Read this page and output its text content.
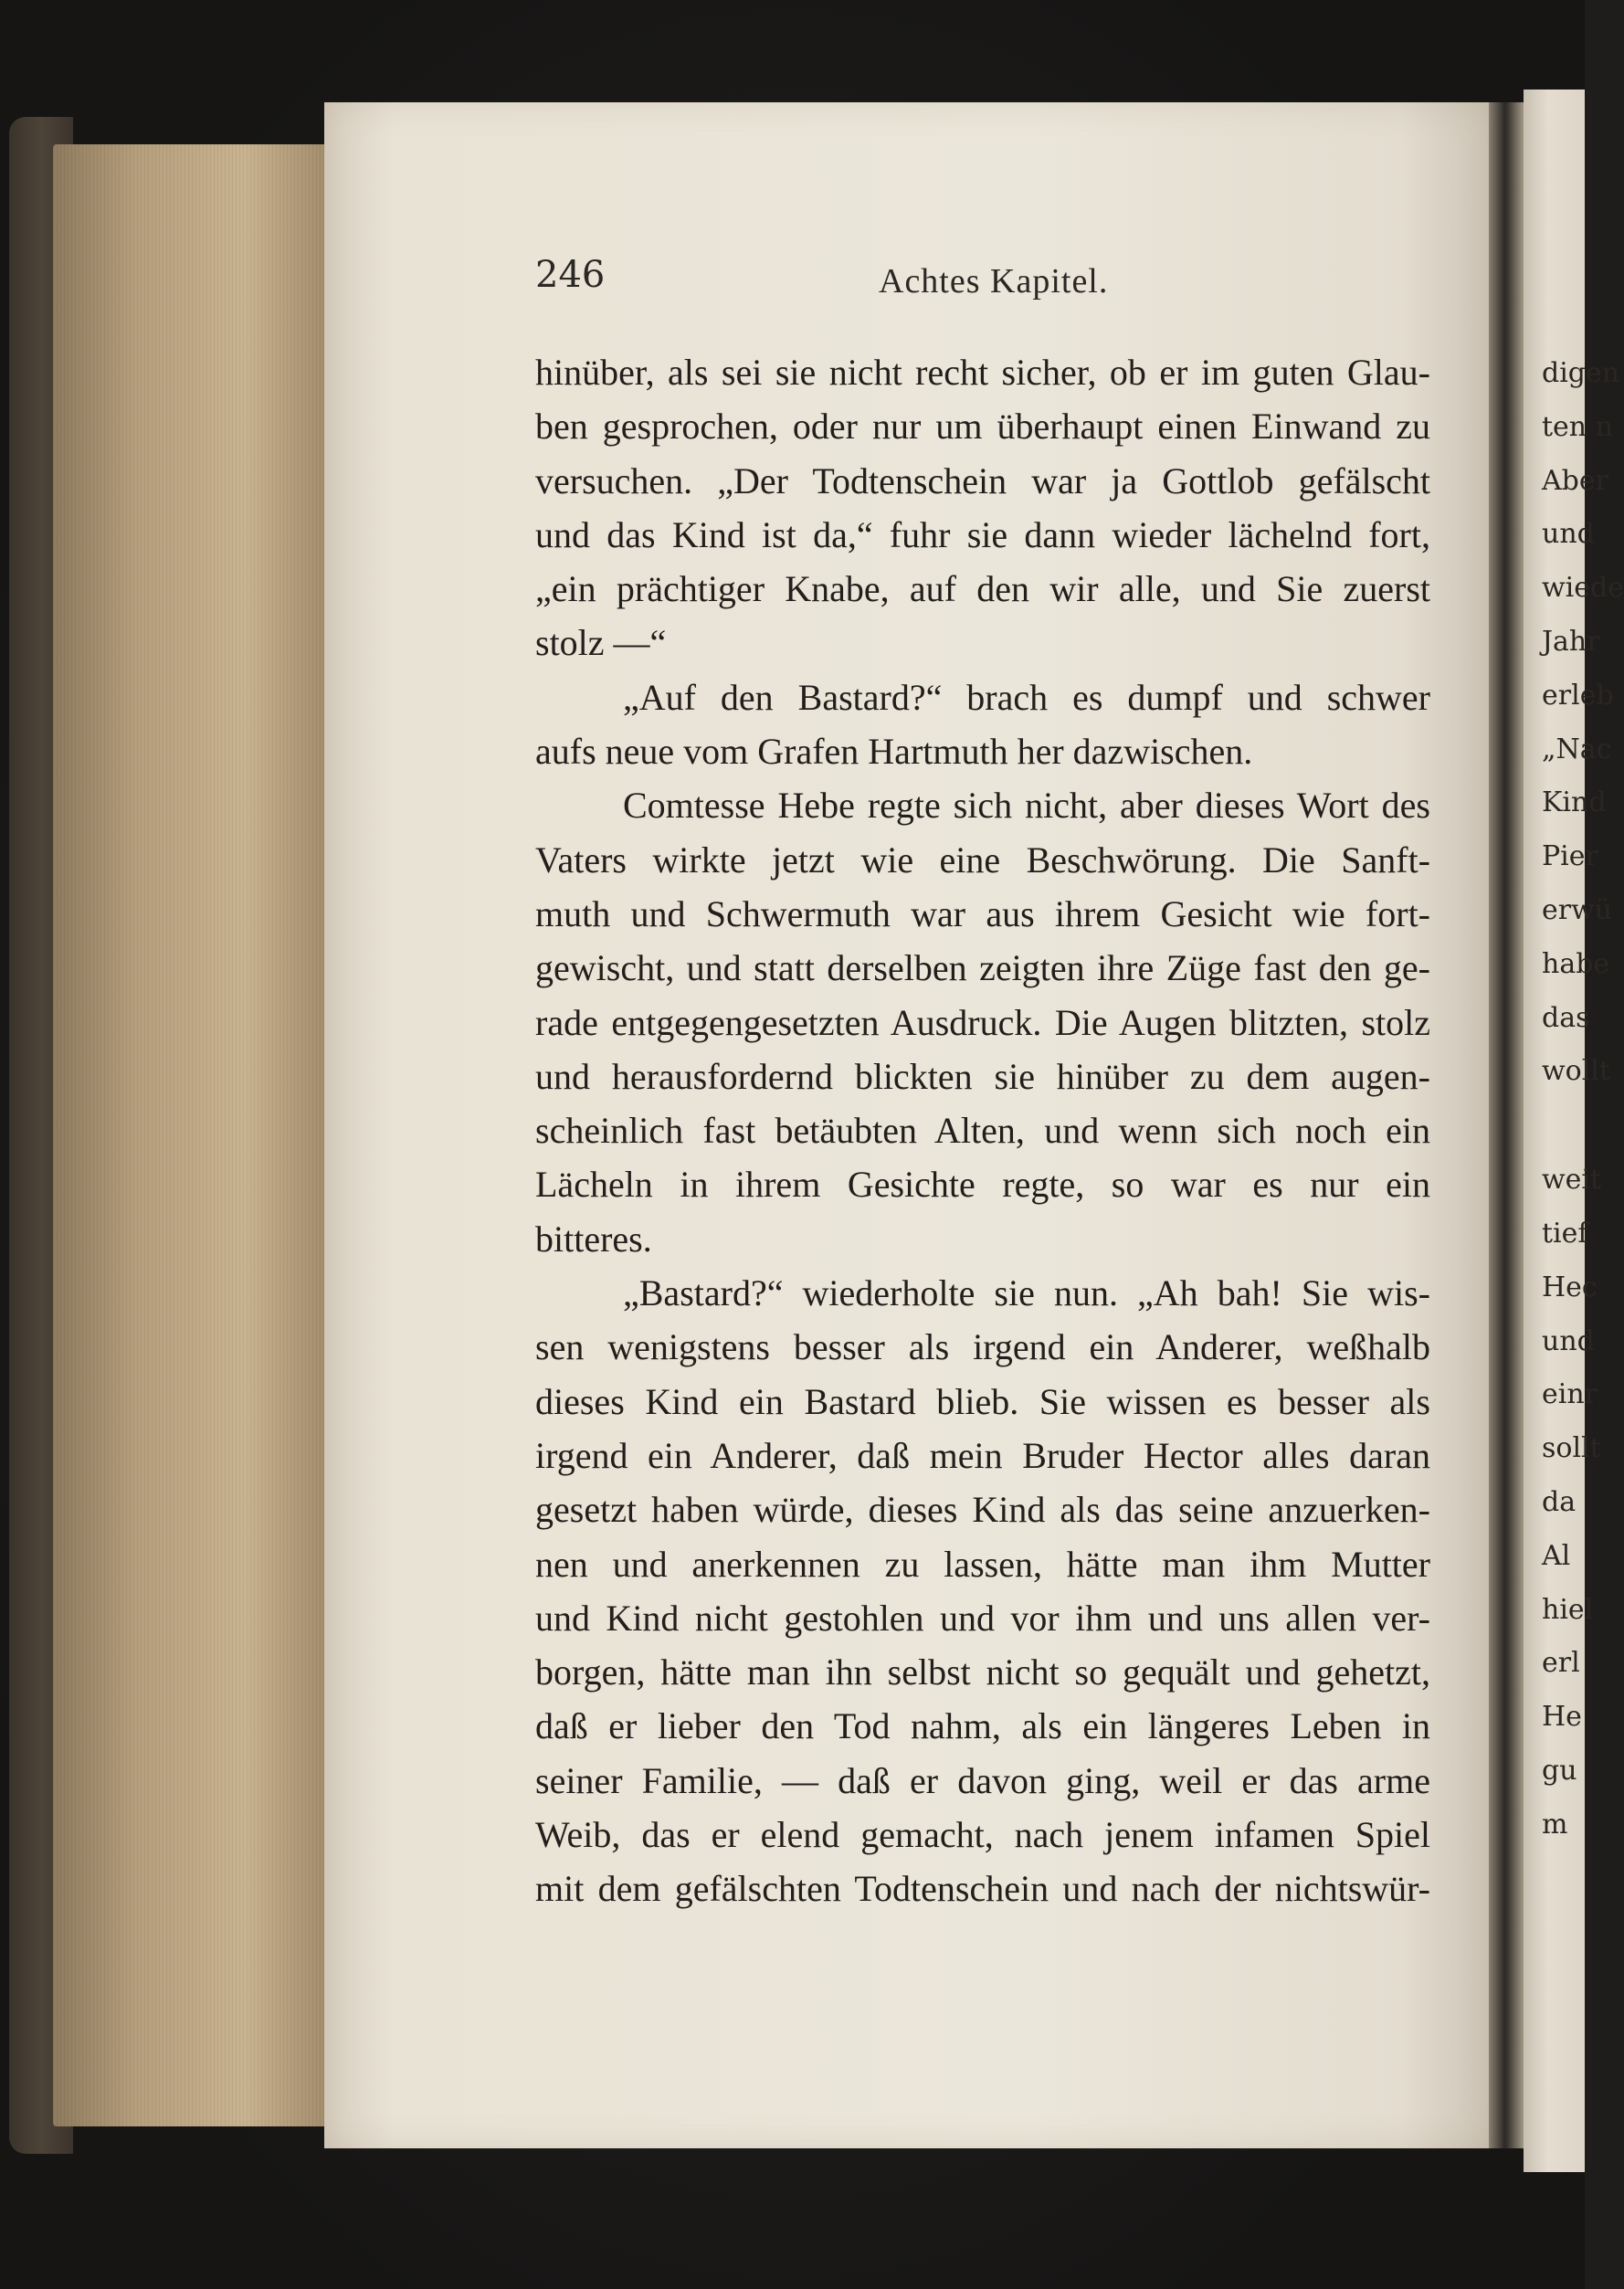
digen
ten n
Aber
und
wiede
Jahr
erleb
„Nac
Kind
Pier
erwü
habe
das
wollt
weit
tief
Hec
und
einr
sollt
da
Al
hiel
erl
He
gu
m
246	Achtes Kapitel.
hinüber, als sei sie nicht recht sicher, ob er im guten Glau-
ben gesprochen, oder nur um überhaupt einen Einwand zu
versuchen. „Der Todtenschein war ja Gottlob gefälscht
und das Kind ist da,“ fuhr sie dann wieder lächelnd fort,
„ein prächtiger Knabe, auf den wir alle, und Sie zuerst
stolz —“
„Auf den Bastard?“ brach es dumpf und schwer
aufs neue vom Grafen Hartmuth her dazwischen.
Comtesse Hebe regte sich nicht, aber dieses Wort des
Vaters wirkte jetzt wie eine Beschwörung. Die Sanft-
muth und Schwermuth war aus ihrem Gesicht wie fort-
gewischt, und statt derselben zeigten ihre Züge fast den ge-
rade entgegengesetzten Ausdruck. Die Augen blitzten, stolz
und herausfordernd blickten sie hinüber zu dem augen-
scheinlich fast betäubten Alten, und wenn sich noch ein
Lächeln in ihrem Gesichte regte, so war es nur ein
bitteres.
„Bastard?“ wiederholte sie nun. „Ah bah! Sie wis-
sen wenigstens besser als irgend ein Anderer, weßhalb
dieses Kind ein Bastard blieb. Sie wissen es besser als
irgend ein Anderer, daß mein Bruder Hector alles daran
gesetzt haben würde, dieses Kind als das seine anzuerken-
nen und anerkennen zu lassen, hätte man ihm Mutter
und Kind nicht gestohlen und vor ihm und uns allen ver-
borgen, hätte man ihn selbst nicht so gequält und gehetzt,
daß er lieber den Tod nahm, als ein längeres Leben in
seiner Familie, — daß er davon ging, weil er das arme
Weib, das er elend gemacht, nach jenem infamen Spiel
mit dem gefälschten Todtenschein und nach der nichtswür-
